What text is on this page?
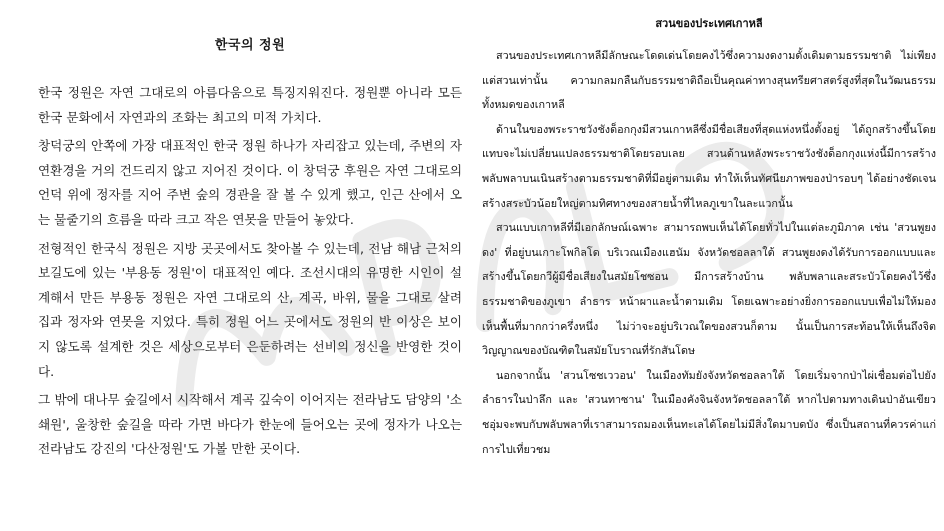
한국의 정원

한국 정원은 자연 그대로의 아름다움으로 특징지워진다. 정원뿐 아니라 모든 한국 문화에서 자연과의 조화는 최고의 미적 가치다.

창덕궁의 안쪽에 가장 대표적인 한국 정원 하나가 자리잡고 있는데, 주변의 자연환경을 거의 건드리지 않고 지어진 것이다. 이 창덕궁 후원은 자연 그대로의 언덕 위에 정자를 지어 주변 숲의 경관을 잘 볼 수 있게 했고, 인근 산에서 오는 물줄기의 흐름을 따라 크고 작은 연못을 만들어 놓았다.

전형적인 한국식 정원은 지방 곳곳에서도 찾아볼 수 있는데, 전남 해남 근처의 보길도에 있는 '부용동 정원'이 대표적인 예다. 조선시대의 유명한 시인이 설계해서 만든 부용동 정원은 자연 그대로의 산, 계곡, 바위, 물을 그대로 살려 집과 정자와 연못을 지었다. 특히 정원 어느 곳에서도 정원의 반 이상은 보이지 않도록 설계한 것은 세상으로부터 은둔하려는 선비의 정신을 반영한 것이다.

그 밖에 대나무 숲길에서 시작해서 계곡 깊숙이 이어지는 전라남도 담양의 '소쇄원', 울창한 숲길을 따라 가면 바다가 한눈에 들어오는 곳에 정자가 나오는 전라남도 강진의 '다산정원'도 가볼 만한 곳이다.

สวนของประเทศเกาหลี

สวนของประเทศเกาหลีมีลักษณะโดดเด่นโดยคงไว้ซึ่งความงดงามดั้งเดิมตามธรรมชาติ ไม่เพียงแต่สวนเท่านั้น ความกลมกลืนกับธรรมชาติถือเป็นคุณค่าทางสุนทรียศาสตร์สูงที่สุดในวัฒนธรรมทั้งหมดของเกาหลี

ด้านในของพระราชวังชังด็อกกุงมีสวนเกาหลีซึ่งมีชื่อเสียงที่สุดแห่งหนึ่งตั้งอยู่ ได้ถูกสร้างขึ้นโดยแทบจะไม่เปลี่ยนแปลงธรรมชาติโดยรอบเลย สวนด้านหลังพระราชวังชังด็อกกุงแห่งนี้มีการสร้างพลับพลาบนเนินสร้างตามธรรมชาติที่มีอยู่ตามเดิม ทำให้เห็นทัศนียภาพของป่ารอบๆ ได้อย่างชัดเจน สร้างสระบัวน้อยใหญ่ตามทิศทางของสายน้ำที่ไหลภูเขาในละแวกนั้น

สวนแบบเกาหลีที่มีเอกลักษณ์เฉพาะ สามารถพบเห็นได้โดยทั่วไปในแต่ละภูมิภาค เช่น 'สวนพูยงดง' ที่อยู่บนเกาะโพกิลโด บริเวณเมืองแฮนัม จังหวัดชอลลาใต้ สวนพูยงดงได้รับการออกแบบและสร้างขึ้นโดยกวีผู้มีชื่อเสียงในสมัยโชซอน มีการสร้างบ้าน พลับพลาและสระบัวโดยคงไว้ซึ่งธรรมชาติของภูเขา ลำธาร หน้าผาและน้ำตามเดิม โดยเฉพาะอย่างยิ่งการออกแบบเพื่อไม่ให้มองเห็นพื้นที่มากกว่าครึ่งหนึ่ง ไม่ว่าจะอยู่บริเวณใดของสวนก็ตาม นั้นเป็นการสะท้อนให้เห็นถึงจิตวิญญาณของบัณฑิตในสมัยโบราณที่รักสันโดษ

นอกจากนั้น 'สวนโซชเววอน' ในเมืองทัมยังจังหวัดชอลลาใต้ โดยเริ่มจากป่าไผ่เชื่อมต่อไปยังลำธารในป่าลึก และ 'สวนทาซาน' ในเมืองคังจินจังหวัดชอลลาใต้ หากไปตามทางเดินป่าอันเขียวชอุ่มจะพบกับพลับพลาที่เราสามารถมองเห็นทะเลได้โดยไม่มีสิ่งใดมาบดบัง ซึ่งเป็นสถานที่ควรค่าแก่การไปเที่ยวชม
